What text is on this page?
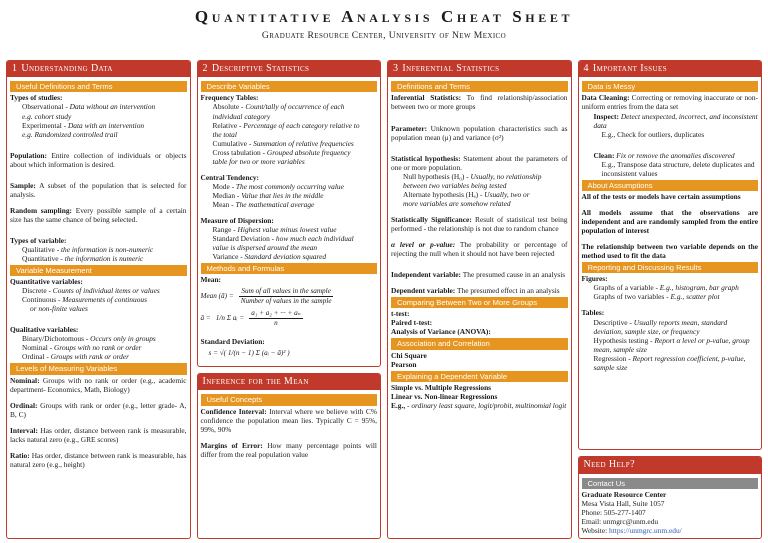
Quantitative Analysis Cheat Sheet
Graduate Resource Center, University of New Mexico
1 Understanding Data
Useful Definitions and Terms
Types of studies:
Observational - Data without an intervention
e.g. cohort study
Experimental - Data with an intervention
e.g. Randomized controlled trail
Population: Entire collection of individuals or objects about which information is desired.
Sample: A subset of the population that is selected for analysis.
Random sampling: Every possible sample of a certain size has the same chance of being selected.
Types of variable:
Qualitative - the information is non-numeric
Quantitative - the information is numeric
Variable Measurement
Quantitative variables:
Discrete - Counts of individual items or values
Continuous - Measurements of continuous
or non-finite values
Qualitative variables:
Binary/Dichotomous - Occurs only in groups
Nominal - Groups with no rank or order
Ordinal - Groups with rank or order
Levels of Measuring Variables
Nominal: Groups with no rank or order (e.g., academic department- Economics, Math, Biology)
Ordinal: Groups with rank or order (e.g., letter grade- A, B, C)
Interval: Has order, distance between rank is measurable, lacks natural zero (e.g., GRE scores)
Ratio: Has order, distance between rank is measurable, has natural zero (e.g., height)
2 Descriptive Statistics
Describe Variables
Frequency Tables:
Absolute - Count/tally of occurrence of each
individual category
Relative - Percentage of each category relative to
the total
Cumulative - Summation of relative frequencies
Cross tabulation - Grouped absolute frequency
table for two or more variables
Central Tendency:
Mode - The most commonly occurring value
Median - Value that lies in the middle
Mean - The mathematical average
Measure of Dispersion:
Range - Highest value minus lowest value
Standard Deviation - how much each individual
value is dispersed around the mean
Variance - Standard deviation squared
Methods and Formulas
Mean:
Mean (ā) = $\frac{\text{Sum of all values in the sample}}{\text{Number of values in the sample}}$
ā = 1/n Σ aᵢ = $\frac{\text{a₁ + a₂ + ··· + aₙ}}{n}$
Standard Deviation:
s = √( 1/(n − 1) Σ (aᵢ − ā)² )
Inference for the Mean
Useful Concepts
Confidence Interval: Interval where we believe with C% confidence the population mean lies. Typically C = 95%, 99%, 90%
Margins of Error: How many percentage points will differ from the real population value
3 Inferential Statistics
Definitions and Terms
Inferential Statistics: To find relationship/association between two or more groups
Parameter: Unknown population characteristics such as population mean (μ) and variance (σ²)
Statistical hypothesis: Statement about the parameters of one or more population.
Null hypothesis (H₀) - Usually, no relationship
between two variables being tested
Alternate hypothesis (Hₐ) - Usually, two or
more variables are somehow related
Statistically Significance: Result of statistical test being performed - the relationship is not due to random chance
α level or p-value: The probability or percentage of rejecting the null when it should not have been rejected
Independent variable: The presumed cause in an analysis
Dependent variable: The presumed effect in an analysis
Comparing Between Two or More Groups
t-test:
Paired t-test:
Analysis of Variance (ANOVA):
Association and Correlation
Chi Square
Pearson
Explaining a Dependent Variable
Simple vs. Multiple Regressions
Linear vs. Non-linear Regressions
E.g., - ordinary least square, logit/probit, multinomial logit
4 Important Issues
Data is Messy
Data Cleaning: Correcting or removing inaccurate or non-uniform entries from the data set
Inspect: Detect unexpected, incorrect, and inconsistent data
E.g., Check for outliers, duplicates
Clean: Fix or remove the anomalies discovered
E.g., Transpose data structure, delete duplicates and inconsistent values
About Assumptions
All of the tests or models have certain assumptions
All models assume that the observations are independent and are randomly sampled from the entire population of interest
The relationship between two variable depends on the method used to fit the data
Reporting and Discussing Results
Figures:
Graphs of a variable - E.g., histogram, bar graph
Graphs of two variables - E.g., scatter plot
Tables:
Descriptive - Usually reports mean, standard deviation, sample size, or frequency
Hypothesis testing - Report α level or p-value, group mean, sample size
Regression - Report regression coefficient, p-value, sample size
Need Help?
Contact Us
Graduate Resource Center
Mesa Vista Hall, Suite 1057
Phone: 505-277-1407
Email: unmgrc@unm.edu
Website: https://unmgrc.unm.edu/
